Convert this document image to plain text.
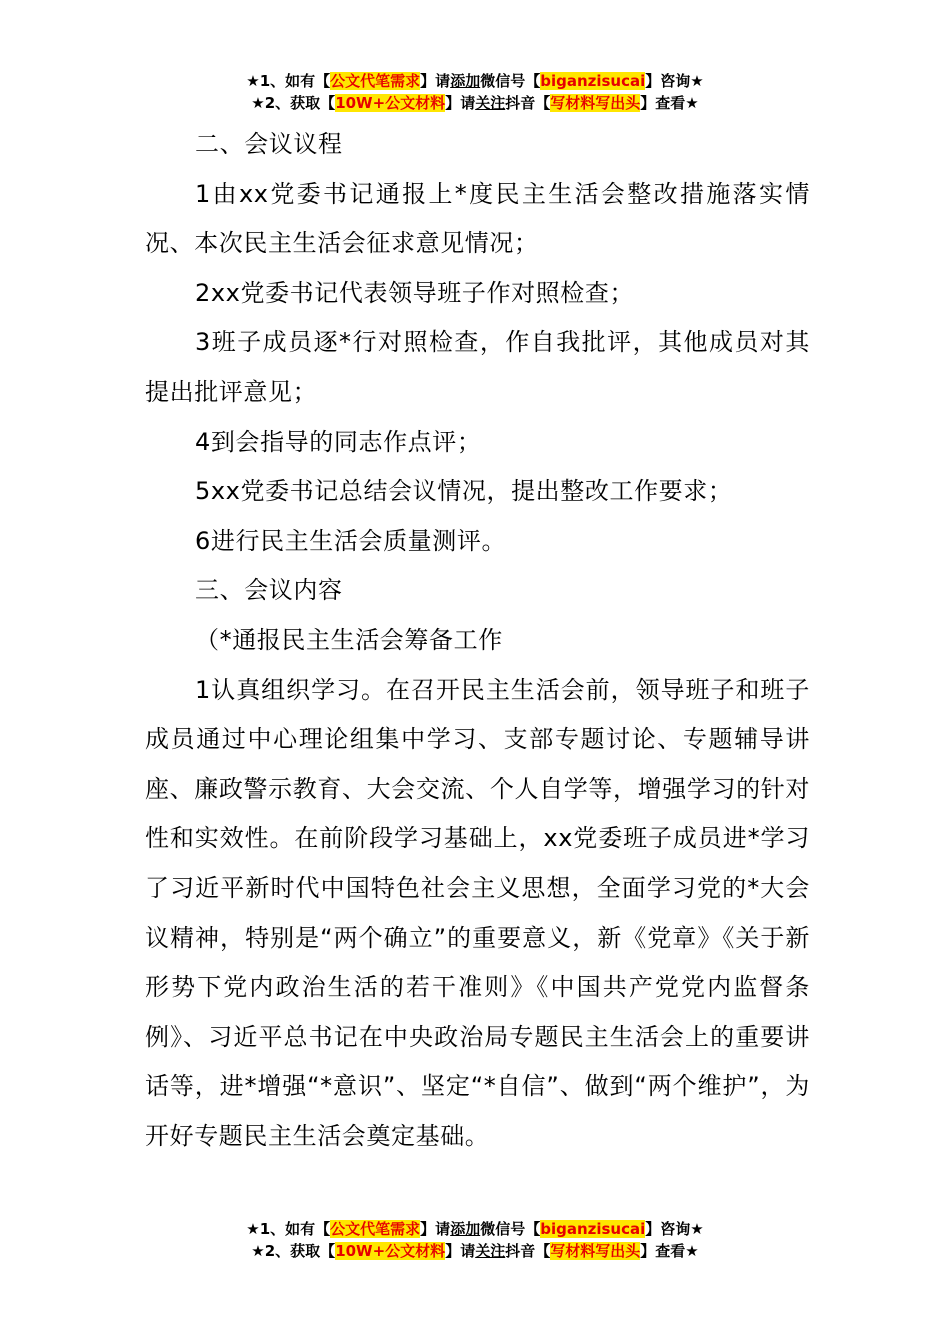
★1、如有【公文代笔需求】请添加微信号【biganzisucai】咨询★
★2、获取【10W+公文材料】请关注抖音【写材料写出头】查看★

二、会议议程

1由xx党委书记通报上*度民主生活会整改措施落实情况、本次民主生活会征求意见情况；

2xx党委书记代表领导班子作对照检查；

3班子成员逐*行对照检查，作自我批评，其他成员对其提出批评意见；

4到会指导的同志作点评；

5xx党委书记总结会议情况，提出整改工作要求；

6进行民主生活会质量测评。

三、会议内容

（*通报民主生活会筹备工作

1认真组织学习。在召开民主生活会前，领导班子和班子成员通过中心理论组集中学习、支部专题讨论、专题辅导讲座、廉政警示教育、大会交流、个人自学等，增强学习的针对性和实效性。在前阶段学习基础上，xx党委班子成员进*学习了习近平新时代中国特色社会主义思想，全面学习党的*大会议精神，特别是“两个确立”的重要意义，新《党章》《关于新形势下党内政治生活的若干准则》《中国共产党党内监督条例》、习近平总书记在中央政治局专题民主生活会上的重要讲话等，进*增强“*意识”、坚定“*自信”、做到“两个维护”，为开好专题民主生活会奠定基础。

★1、如有【公文代笔需求】请添加微信号【biganzisucai】咨询★
★2、获取【10W+公文材料】请关注抖音【写材料写出头】查看★
